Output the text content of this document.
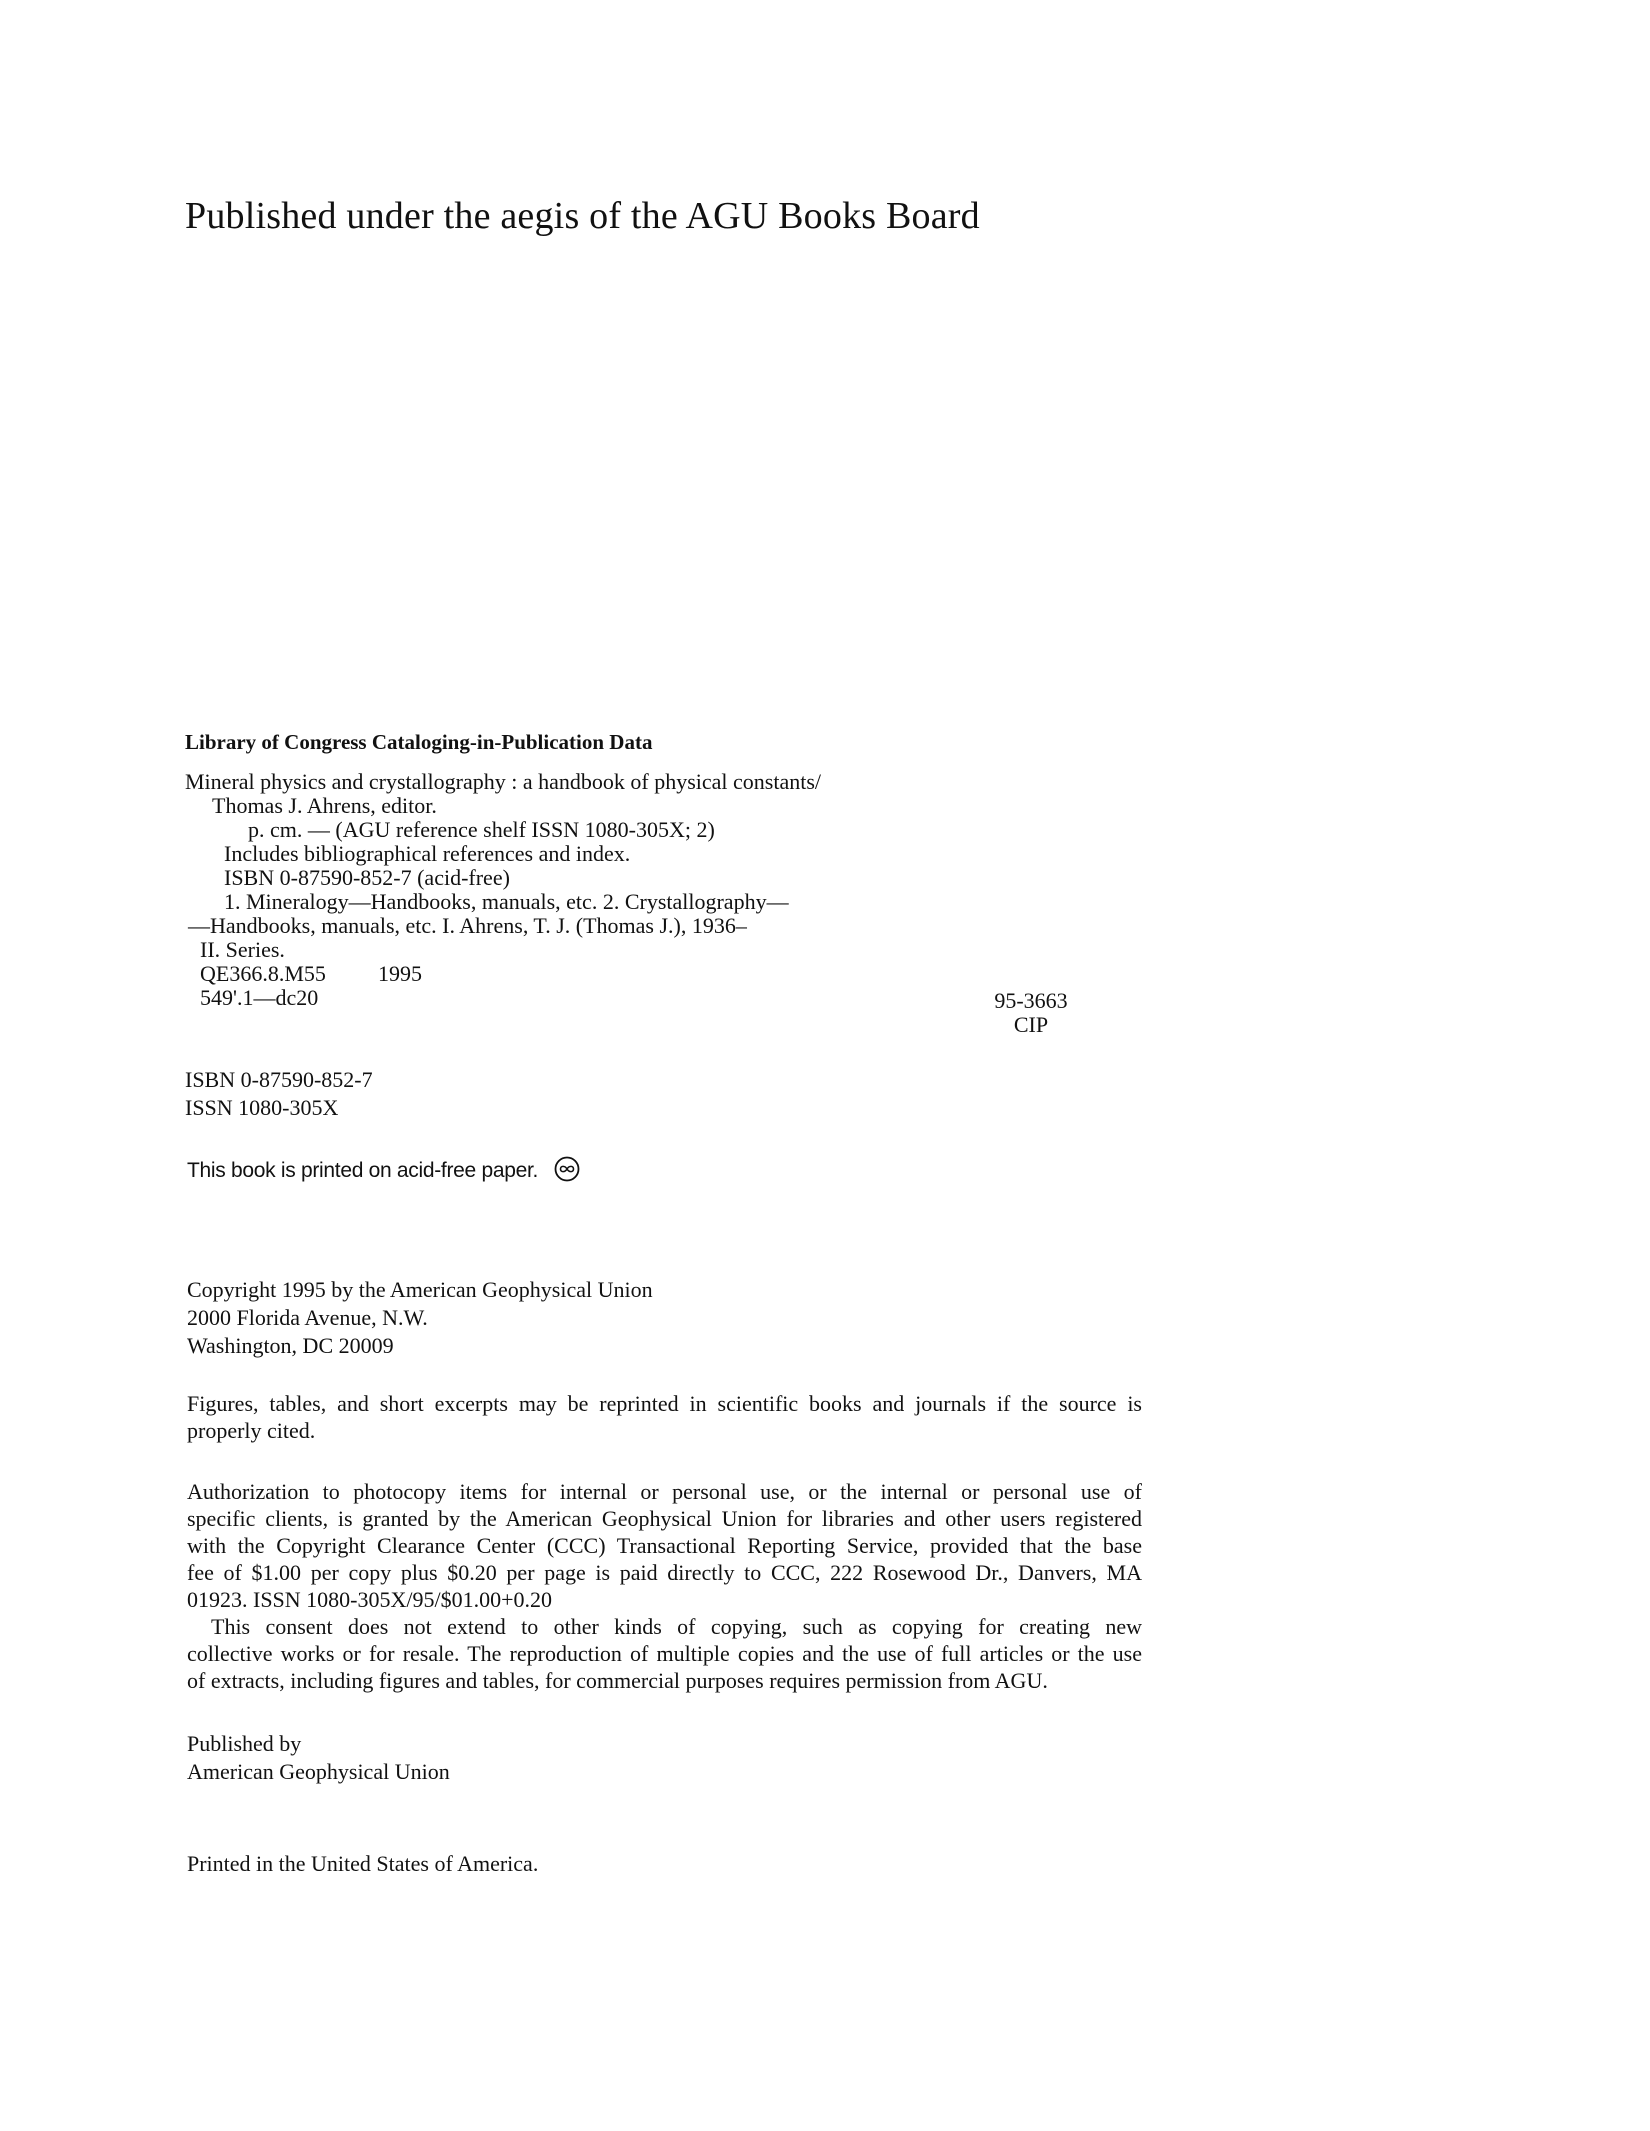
Published under the aegis of the AGU Books Board
Library of Congress Cataloging-in-Publication Data
Mineral physics and crystallography : a handbook of physical constants/
Thomas J. Ahrens, editor.
p. cm. — (AGU reference shelf ISSN 1080-305X; 2)
Includes bibliographical references and index.
ISBN 0-87590-852-7 (acid-free)
1. Mineralogy—Handbooks, manuals, etc. 2. Crystallography—
—Handbooks, manuals, etc. I. Ahrens, T. J. (Thomas J.), 1936–
II. Series.
QE366.8.M55 1995
549'.1—dc20	95-3663
CIP
ISBN 0-87590-852-7
ISSN 1080-305X
This book is printed on acid-free paper.
Copyright 1995 by the American Geophysical Union
2000 Florida Avenue, N.W.
Washington, DC 20009
Figures, tables, and short excerpts may be reprinted in scientific books and journals if the source is
properly cited.
Authorization to photocopy items for internal or personal use, or the internal or personal use of
specific clients, is granted by the American Geophysical Union for libraries and other users registered
with the Copyright Clearance Center (CCC) Transactional Reporting Service, provided that the base
fee of $1.00 per copy plus $0.20 per page is paid directly to CCC, 222 Rosewood Dr., Danvers, MA
01923. ISSN 1080-305X/95/$01.00+0.20
This consent does not extend to other kinds of copying, such as copying for creating new
collective works or for resale. The reproduction of multiple copies and the use of full articles or the use
of extracts, including figures and tables, for commercial purposes requires permission from AGU.
Published by
American Geophysical Union
Printed in the United States of America.
